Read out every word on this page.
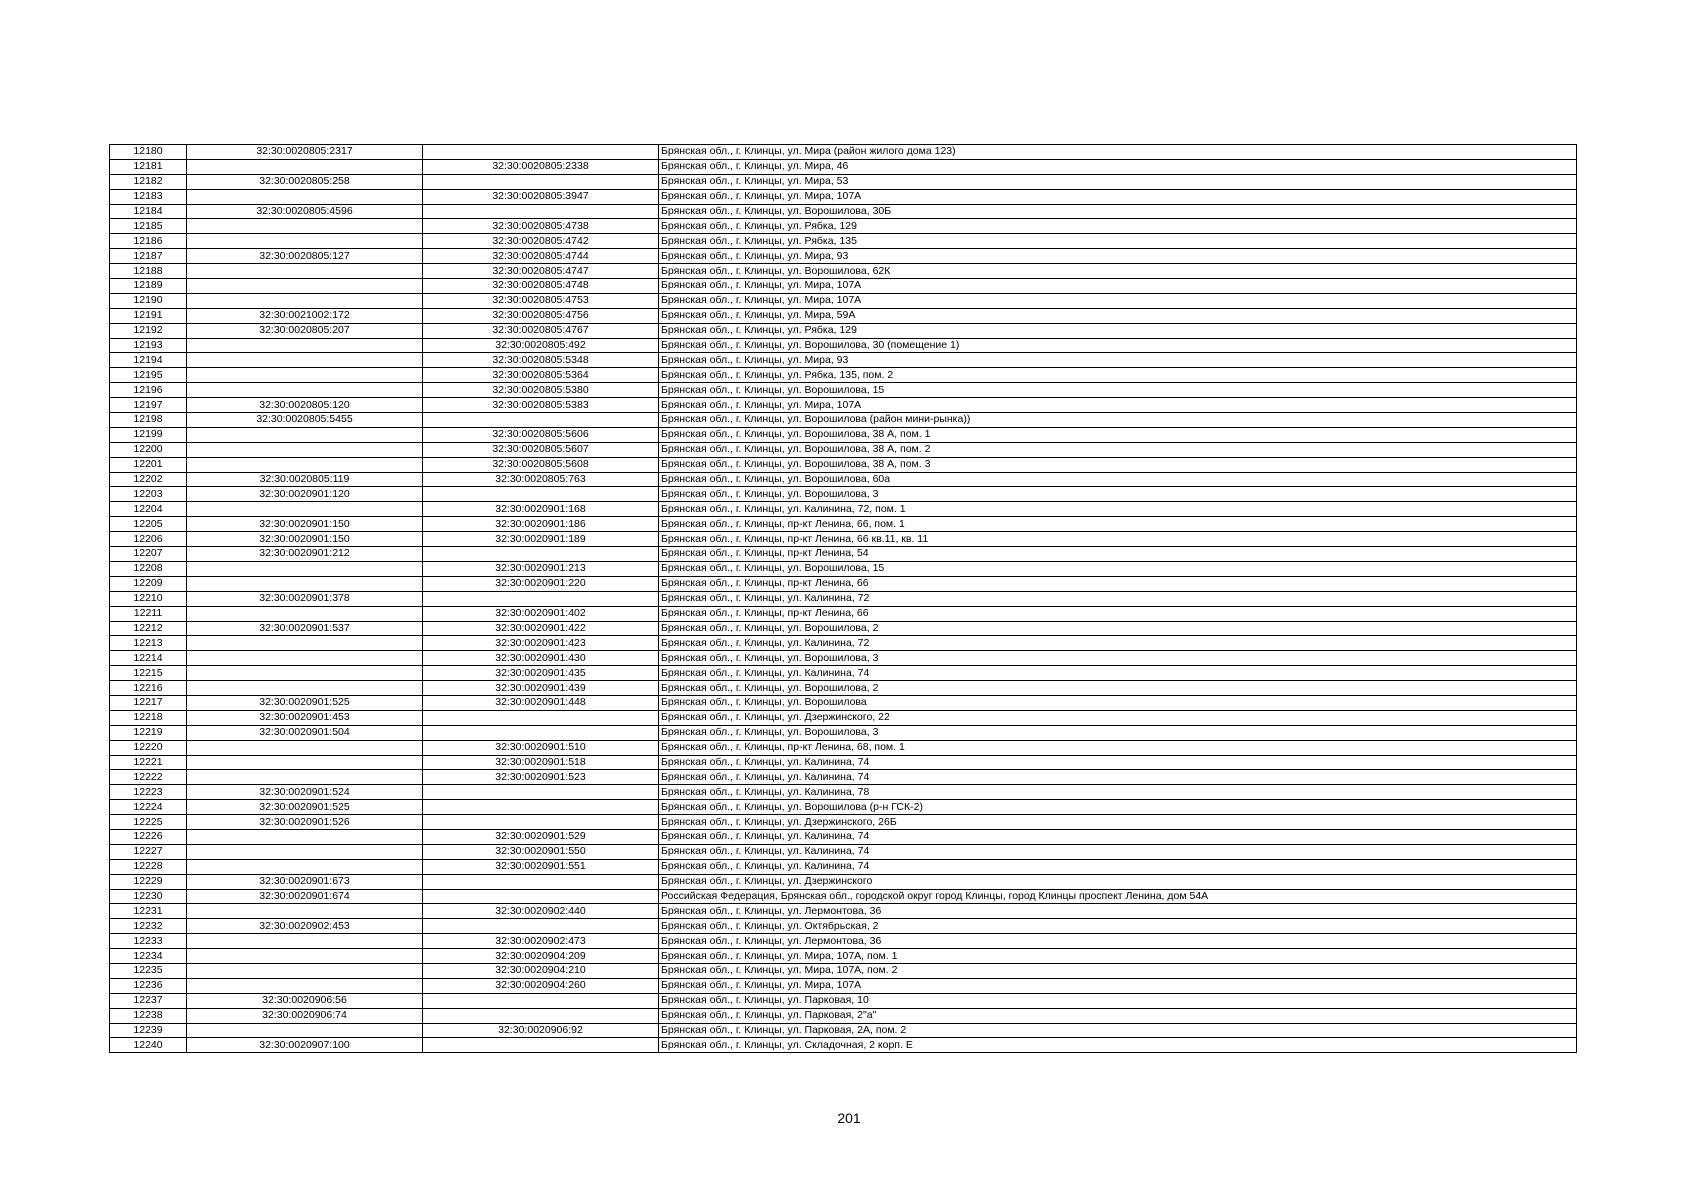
12180	32:30:0020805:2317		Брянская обл., г. Клинцы, ул. Мира (район жилого дома 123)
12181		32:30:0020805:2338	Брянская обл., г. Клинцы, ул. Мира, 46
12182	32:30:0020805:258		Брянская обл., г. Клинцы, ул. Мира, 53
12183		32:30:0020805:3947	Брянская обл., г. Клинцы, ул. Мира, 107А
12184	32:30:0020805:4596		Брянская обл., г. Клинцы, ул. Ворошилова, 30Б
12185		32:30:0020805:4738	Брянская обл., г. Клинцы, ул. Рябка, 129
12186		32:30:0020805:4742	Брянская обл., г. Клинцы, ул. Рябка, 135
12187	32:30:0020805:127	32:30:0020805:4744	Брянская обл., г. Клинцы, ул. Мира, 93
12188		32:30:0020805:4747	Брянская обл., г. Клинцы, ул. Ворошилова, 62К
12189		32:30:0020805:4748	Брянская обл., г. Клинцы, ул. Мира, 107А
12190		32:30:0020805:4753	Брянская обл., г. Клинцы, ул. Мира, 107А
12191	32:30:0021002:172	32:30:0020805:4756	Брянская обл., г. Клинцы, ул. Мира, 59А
12192	32:30:0020805:207	32:30:0020805:4767	Брянская обл., г. Клинцы, ул. Рябка, 129
12193		32:30:0020805:492	Брянская обл., г. Клинцы, ул. Ворошилова, 30 (помещение 1)
12194		32:30:0020805:5348	Брянская обл., г. Клинцы, ул. Мира, 93
12195		32:30:0020805:5364	Брянская обл., г. Клинцы, ул. Рябка, 135, пом. 2
12196		32:30:0020805:5380	Брянская обл., г. Клинцы, ул. Ворошилова, 15
12197	32:30:0020805:120	32:30:0020805:5383	Брянская обл., г. Клинцы, ул. Мира, 107А
12198	32:30:0020805:5455		Брянская обл., г. Клинцы, ул. Ворошилова (район мини-рынка))
12199		32:30:0020805:5606	Брянская обл., г. Клинцы, ул. Ворошилова, 38 А, пом. 1
12200		32:30:0020805:5607	Брянская обл., г. Клинцы, ул. Ворошилова, 38 А, пом. 2
12201		32:30:0020805:5608	Брянская обл., г. Клинцы, ул. Ворошилова, 38 А, пом. 3
12202	32:30:0020805:119	32:30:0020805:763	Брянская обл., г. Клинцы, ул. Ворошилова, 60а
12203	32:30:0020901:120		Брянская обл., г. Клинцы, ул. Ворошилова, 3
12204		32:30:0020901:168	Брянская обл., г. Клинцы, ул. Калинина, 72, пом. 1
12205	32:30:0020901:150	32:30:0020901:186	Брянская обл., г. Клинцы, пр-кт Ленина, 66, пом. 1
12206	32:30:0020901:150	32:30:0020901:189	Брянская обл., г. Клинцы, пр-кт Ленина, 66 кв.11, кв. 11
12207	32:30:0020901:212		Брянская обл., г. Клинцы, пр-кт Ленина, 54
12208		32:30:0020901:213	Брянская обл., г. Клинцы, ул. Ворошилова, 15
12209		32:30:0020901:220	Брянская обл., г. Клинцы, пр-кт Ленина, 66
12210	32:30:0020901:378		Брянская обл., г. Клинцы, ул. Калинина, 72
12211		32:30:0020901:402	Брянская обл., г. Клинцы, пр-кт Ленина, 66
12212	32:30:0020901:537	32:30:0020901:422	Брянская обл., г. Клинцы, ул. Ворошилова, 2
12213		32:30:0020901:423	Брянская обл., г. Клинцы, ул. Калинина, 72
12214		32:30:0020901:430	Брянская обл., г. Клинцы, ул. Ворошилова, 3
12215		32:30:0020901:435	Брянская обл., г. Клинцы, ул. Калинина, 74
12216		32:30:0020901:439	Брянская обл., г. Клинцы, ул. Ворошилова, 2
12217	32:30:0020901:525	32:30:0020901:448	Брянская обл., г. Клинцы, ул. Ворошилова
12218	32:30:0020901:453		Брянская обл., г. Клинцы, ул. Дзержинского, 22
12219	32:30:0020901:504		Брянская обл., г. Клинцы, ул. Ворошилова, 3
12220		32:30:0020901:510	Брянская обл., г. Клинцы, пр-кт Ленина, 68, пом. 1
12221		32:30:0020901:518	Брянская обл., г. Клинцы, ул. Калинина, 74
12222		32:30:0020901:523	Брянская обл., г. Клинцы, ул. Калинина, 74
12223	32:30:0020901:524		Брянская обл., г. Клинцы, ул. Калинина, 78
12224	32:30:0020901:525		Брянская обл., г. Клинцы, ул. Ворошилова (р-н ГСК-2)
12225	32:30:0020901:526		Брянская обл., г. Клинцы, ул. Дзержинского, 26Б
12226		32:30:0020901:529	Брянская обл., г. Клинцы, ул. Калинина, 74
12227		32:30:0020901:550	Брянская обл., г. Клинцы, ул. Калинина, 74
12228		32:30:0020901:551	Брянская обл., г. Клинцы, ул. Калинина, 74
12229	32:30:0020901:673		Брянская обл., г. Клинцы, ул. Дзержинского
12230	32:30:0020901:674		Российская Федерация, Брянская обл., городской округ город Клинцы, город Клинцы проспект Ленина, дом 54А
12231		32:30:0020902:440	Брянская обл., г. Клинцы, ул. Лермонтова, 36
12232	32:30:0020902:453		Брянская обл., г. Клинцы, ул. Октябрьская, 2
12233		32:30:0020902:473	Брянская обл., г. Клинцы, ул. Лермонтова, 36
12234		32:30:0020904:209	Брянская обл., г. Клинцы, ул. Мира, 107А, пом. 1
12235		32:30:0020904:210	Брянская обл., г. Клинцы, ул. Мира, 107А, пом. 2
12236		32:30:0020904:260	Брянская обл., г. Клинцы, ул. Мира, 107А
12237	32:30:0020906:56		Брянская обл., г. Клинцы, ул. Парковая, 10
12238	32:30:0020906:74		Брянская обл., г. Клинцы, ул. Парковая, 2"а"
12239		32:30:0020906:92	Брянская обл., г. Клинцы, ул. Парковая, 2А, пом. 2
12240	32:30:0020907:100		Брянская обл., г. Клинцы, ул. Складочная, 2 корп. Е
201
